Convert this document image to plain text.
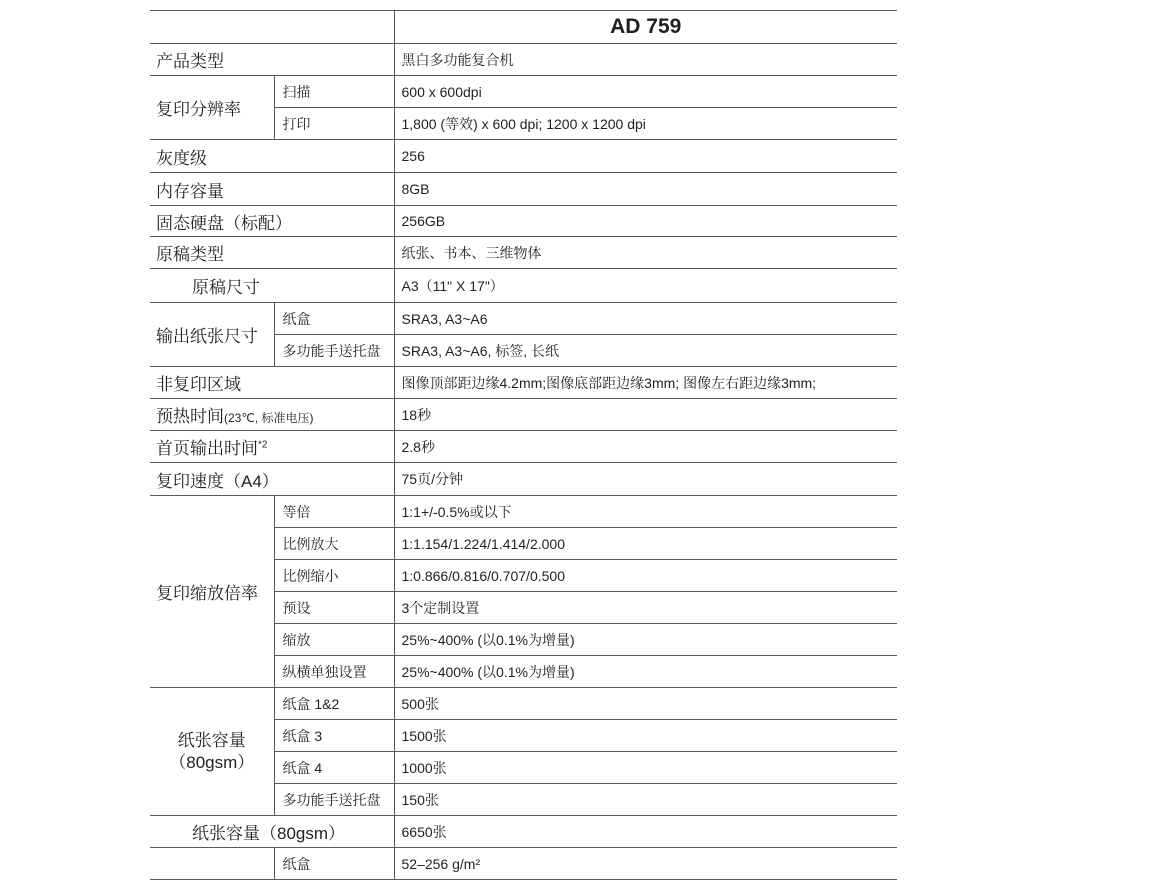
		AD 759
产品类型		黑白多功能复合机
复印分辨率	扫描	600 x 600dpi
	打印	1,800 (等效) x 600 dpi; 1200 x 1200 dpi
灰度级		256
内存容量		8GB
固态硬盘（标配）		256GB
原稿类型		纸张、书本、三维物体
原稿尺寸		A3（11" X 17"）
输出纸张尺寸	纸盒	SRA3, A3~A6
	多功能手送托盘	SRA3, A3~A6, 标签, 长纸
非复印区域		图像顶部距边缘4.2mm;图像底部距边缘3mm; 图像左右距边缘3mm;
预热时间(23℃, 标准电压)		18秒
首页输出时间$^{*2}$		2.8秒
复印速度（A4）		75页/分钟
复印缩放倍率	等倍	1:1+/-0.5%或以下
	比例放大	1:1.154/1.224/1.414/2.000
	比例缩小	1:0.866/0.816/0.707/0.500
	预设	3个定制设置
	缩放	25%~400% (以0.1%为增量)
	纵横单独设置	25%~400% (以0.1%为增量)

纸张容量
（80gsm）	纸盒 1&2	500张
	纸盒 3	1500张
	纸盒 4	1000张
	多功能手送托盘	150张
纸张容量（80gsm）		6650张
	纸盒	52–256 g/m²
